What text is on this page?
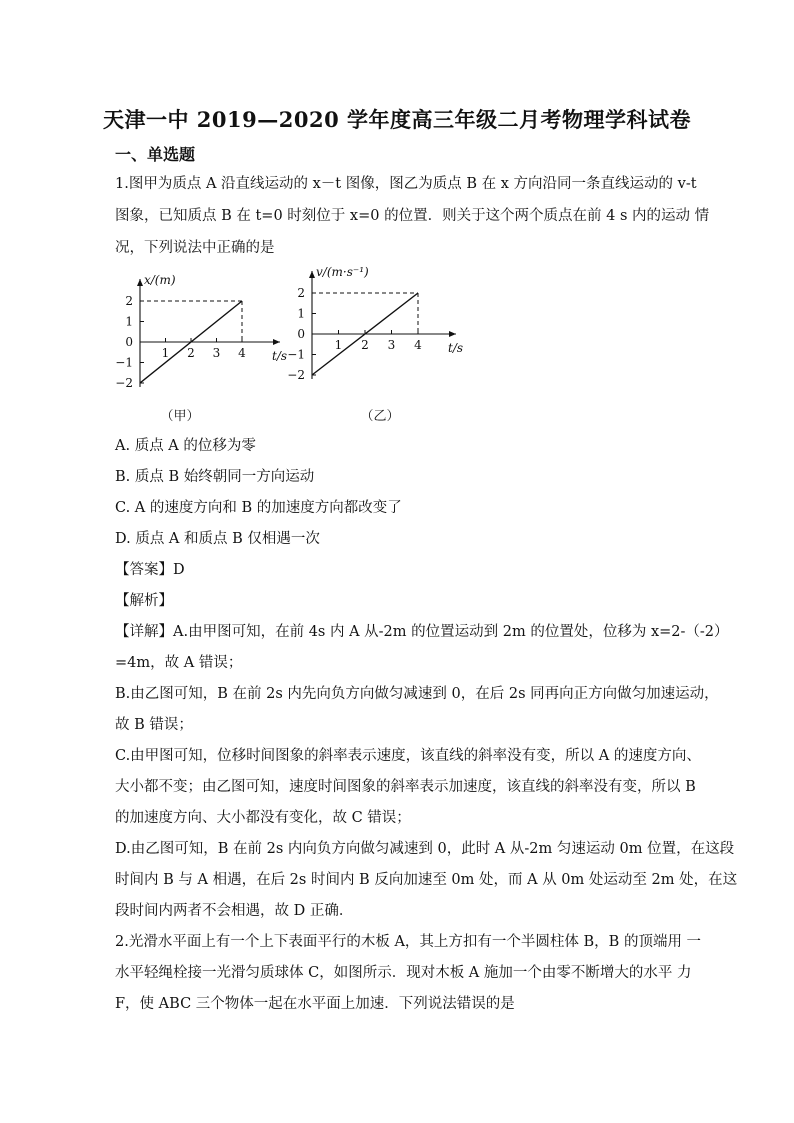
天津一中 2019—2020 学年度高三年级二月考物理学科试卷
一、单选题
1.图甲为质点 A 沿直线运动的 x－t 图像，图乙为质点 B 在 x 方向沿同一条直线运动的 v-t
图象，已知质点 B 在 t=0 时刻位于 x=0 的位置．则关于这个两个质点在前 4 s 内的运动 情
况，下列说法中正确的是
x/(m)
t/s
1 2 3 4
2
1
0
−1
−2
（甲）
v/(m·s⁻¹)
t/s
1 2 3 4
2
1
0
−1
−2
（乙）
A. 质点 A 的位移为零
B. 质点 B 始终朝同一方向运动
C. A 的速度方向和 B 的加速度方向都改变了
D. 质点 A 和质点 B 仅相遇一次
【答案】D
【解析】
【详解】A.由甲图可知，在前 4s 内 A 从-2m 的位置运动到 2m 的位置处，位移为 x=2-（-2）
=4m，故 A 错误；
B.由乙图可知，B 在前 2s 内先向负方向做匀减速到 0，在后 2s 同再向正方向做匀加速运动，
故 B 错误；
C.由甲图可知，位移时间图象的斜率表示速度，该直线的斜率没有变，所以 A 的速度方向、
大小都不变；由乙图可知，速度时间图象的斜率表示加速度，该直线的斜率没有变，所以 B
的加速度方向、大小都没有变化，故 C 错误；
D.由乙图可知，B 在前 2s 内向负方向做匀减速到 0，此时 A 从-2m 匀速运动 0m 位置，在这段
时间内 B 与 A 相遇，在后 2s 时间内 B 反向加速至 0m 处，而 A 从 0m 处运动至 2m 处，在这
段时间内两者不会相遇，故 D 正确．
2.光滑水平面上有一个上下表面平行的木板 A，其上方扣有一个半圆柱体 B，B 的顶端用 一
水平轻绳栓接一光滑匀质球体 C，如图所示．现对木板 A 施加一个由零不断增大的水平 力
F，使 ABC 三个物体一起在水平面上加速．下列说法错误的是
